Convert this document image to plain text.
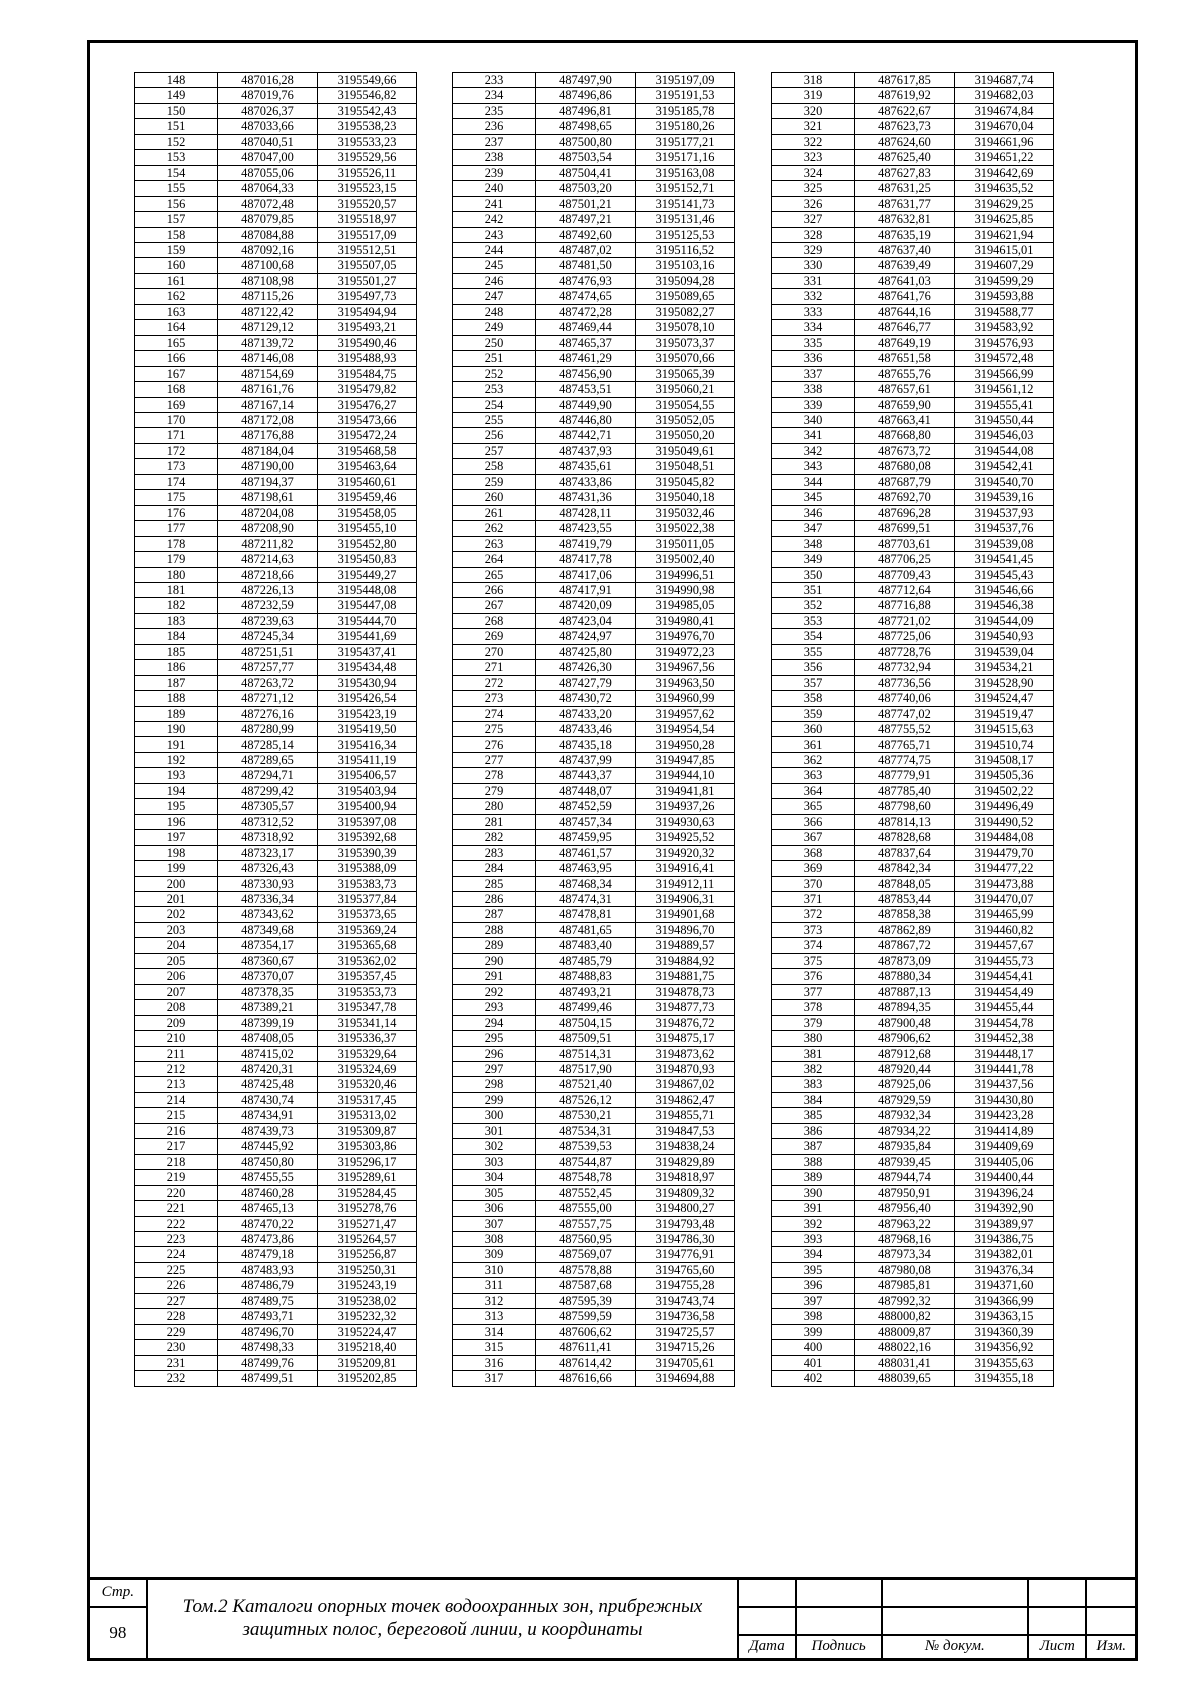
148	487016,28	3195549,66
149	487019,76	3195546,82
150	487026,37	3195542,43
151	487033,66	3195538,23
152	487040,51	3195533,23
153	487047,00	3195529,56
154	487055,06	3195526,11
155	487064,33	3195523,15
156	487072,48	3195520,57
157	487079,85	3195518,97
158	487084,88	3195517,09
159	487092,16	3195512,51
160	487100,68	3195507,05
161	487108,98	3195501,27
162	487115,26	3195497,73
163	487122,42	3195494,94
164	487129,12	3195493,21
165	487139,72	3195490,46
166	487146,08	3195488,93
167	487154,69	3195484,75
168	487161,76	3195479,82
169	487167,14	3195476,27
170	487172,08	3195473,66
171	487176,88	3195472,24
172	487184,04	3195468,58
173	487190,00	3195463,64
174	487194,37	3195460,61
175	487198,61	3195459,46
176	487204,08	3195458,05
177	487208,90	3195455,10
178	487211,82	3195452,80
179	487214,63	3195450,83
180	487218,66	3195449,27
181	487226,13	3195448,08
182	487232,59	3195447,08
183	487239,63	3195444,70
184	487245,34	3195441,69
185	487251,51	3195437,41
186	487257,77	3195434,48
187	487263,72	3195430,94
188	487271,12	3195426,54
189	487276,16	3195423,19
190	487280,99	3195419,50
191	487285,14	3195416,34
192	487289,65	3195411,19
193	487294,71	3195406,57
194	487299,42	3195403,94
195	487305,57	3195400,94
196	487312,52	3195397,08
197	487318,92	3195392,68
198	487323,17	3195390,39
199	487326,43	3195388,09
200	487330,93	3195383,73
201	487336,34	3195377,84
202	487343,62	3195373,65
203	487349,68	3195369,24
204	487354,17	3195365,68
205	487360,67	3195362,02
206	487370,07	3195357,45
207	487378,35	3195353,73
208	487389,21	3195347,78
209	487399,19	3195341,14
210	487408,05	3195336,37
211	487415,02	3195329,64
212	487420,31	3195324,69
213	487425,48	3195320,46
214	487430,74	3195317,45
215	487434,91	3195313,02
216	487439,73	3195309,87
217	487445,92	3195303,86
218	487450,80	3195296,17
219	487455,55	3195289,61
220	487460,28	3195284,45
221	487465,13	3195278,76
222	487470,22	3195271,47
223	487473,86	3195264,57
224	487479,18	3195256,87
225	487483,93	3195250,31
226	487486,79	3195243,19
227	487489,75	3195238,02
228	487493,71	3195232,32
229	487496,70	3195224,47
230	487498,33	3195218,40
231	487499,76	3195209,81
232	487499,51	3195202,85
233	487497,90	3195197,09
234	487496,86	3195191,53
235	487496,81	3195185,78
236	487498,65	3195180,26
237	487500,80	3195177,21
238	487503,54	3195171,16
239	487504,41	3195163,08
240	487503,20	3195152,71
241	487501,21	3195141,73
242	487497,21	3195131,46
243	487492,60	3195125,53
244	487487,02	3195116,52
245	487481,50	3195103,16
246	487476,93	3195094,28
247	487474,65	3195089,65
248	487472,28	3195082,27
249	487469,44	3195078,10
250	487465,37	3195073,37
251	487461,29	3195070,66
252	487456,90	3195065,39
253	487453,51	3195060,21
254	487449,90	3195054,55
255	487446,80	3195052,05
256	487442,71	3195050,20
257	487437,93	3195049,61
258	487435,61	3195048,51
259	487433,86	3195045,82
260	487431,36	3195040,18
261	487428,11	3195032,46
262	487423,55	3195022,38
263	487419,79	3195011,05
264	487417,78	3195002,40
265	487417,06	3194996,51
266	487417,91	3194990,98
267	487420,09	3194985,05
268	487423,04	3194980,41
269	487424,97	3194976,70
270	487425,80	3194972,23
271	487426,30	3194967,56
272	487427,79	3194963,50
273	487430,72	3194960,99
274	487433,20	3194957,62
275	487433,46	3194954,54
276	487435,18	3194950,28
277	487437,99	3194947,85
278	487443,37	3194944,10
279	487448,07	3194941,81
280	487452,59	3194937,26
281	487457,34	3194930,63
282	487459,95	3194925,52
283	487461,57	3194920,32
284	487463,95	3194916,41
285	487468,34	3194912,11
286	487474,31	3194906,31
287	487478,81	3194901,68
288	487481,65	3194896,70
289	487483,40	3194889,57
290	487485,79	3194884,92
291	487488,83	3194881,75
292	487493,21	3194878,73
293	487499,46	3194877,73
294	487504,15	3194876,72
295	487509,51	3194875,17
296	487514,31	3194873,62
297	487517,90	3194870,93
298	487521,40	3194867,02
299	487526,12	3194862,47
300	487530,21	3194855,71
301	487534,31	3194847,53
302	487539,53	3194838,24
303	487544,87	3194829,89
304	487548,78	3194818,97
305	487552,45	3194809,32
306	487555,00	3194800,27
307	487557,75	3194793,48
308	487560,95	3194786,30
309	487569,07	3194776,91
310	487578,88	3194765,60
311	487587,68	3194755,28
312	487595,39	3194743,74
313	487599,59	3194736,58
314	487606,62	3194725,57
315	487611,41	3194715,26
316	487614,42	3194705,61
317	487616,66	3194694,88
318	487617,85	3194687,74
319	487619,92	3194682,03
320	487622,67	3194674,84
321	487623,73	3194670,04
322	487624,60	3194661,96
323	487625,40	3194651,22
324	487627,83	3194642,69
325	487631,25	3194635,52
326	487631,77	3194629,25
327	487632,81	3194625,85
328	487635,19	3194621,94
329	487637,40	3194615,01
330	487639,49	3194607,29
331	487641,03	3194599,29
332	487641,76	3194593,88
333	487644,16	3194588,77
334	487646,77	3194583,92
335	487649,19	3194576,93
336	487651,58	3194572,48
337	487655,76	3194566,99
338	487657,61	3194561,12
339	487659,90	3194555,41
340	487663,41	3194550,44
341	487668,80	3194546,03
342	487673,72	3194544,08
343	487680,08	3194542,41
344	487687,79	3194540,70
345	487692,70	3194539,16
346	487696,28	3194537,93
347	487699,51	3194537,76
348	487703,61	3194539,08
349	487706,25	3194541,45
350	487709,43	3194545,43
351	487712,64	3194546,66
352	487716,88	3194546,38
353	487721,02	3194544,09
354	487725,06	3194540,93
355	487728,76	3194539,04
356	487732,94	3194534,21
357	487736,56	3194528,90
358	487740,06	3194524,47
359	487747,02	3194519,47
360	487755,52	3194515,63
361	487765,71	3194510,74
362	487774,75	3194508,17
363	487779,91	3194505,36
364	487785,40	3194502,22
365	487798,60	3194496,49
366	487814,13	3194490,52
367	487828,68	3194484,08
368	487837,64	3194479,70
369	487842,34	3194477,22
370	487848,05	3194473,88
371	487853,44	3194470,07
372	487858,38	3194465,99
373	487862,89	3194460,82
374	487867,72	3194457,67
375	487873,09	3194455,73
376	487880,34	3194454,41
377	487887,13	3194454,49
378	487894,35	3194455,44
379	487900,48	3194454,78
380	487906,62	3194452,38
381	487912,68	3194448,17
382	487920,44	3194441,78
383	487925,06	3194437,56
384	487929,59	3194430,80
385	487932,34	3194423,28
386	487934,22	3194414,89
387	487935,84	3194409,69
388	487939,45	3194405,06
389	487944,74	3194400,44
390	487950,91	3194396,24
391	487956,40	3194392,90
392	487963,22	3194389,97
393	487968,16	3194386,75
394	487973,34	3194382,01
395	487980,08	3194376,34
396	487985,81	3194371,60
397	487992,32	3194366,99
398	488000,82	3194363,15
399	488009,87	3194360,39
400	488022,16	3194356,92
401	488031,41	3194355,63
402	488039,65	3194355,18
Стр.	Том.2 Каталоги опорных точек водоохранных зон, прибрежных защитных полос, береговой линии, и координаты					
98						
		Дата	Подпись	№ докум.	Лист	Изм.
